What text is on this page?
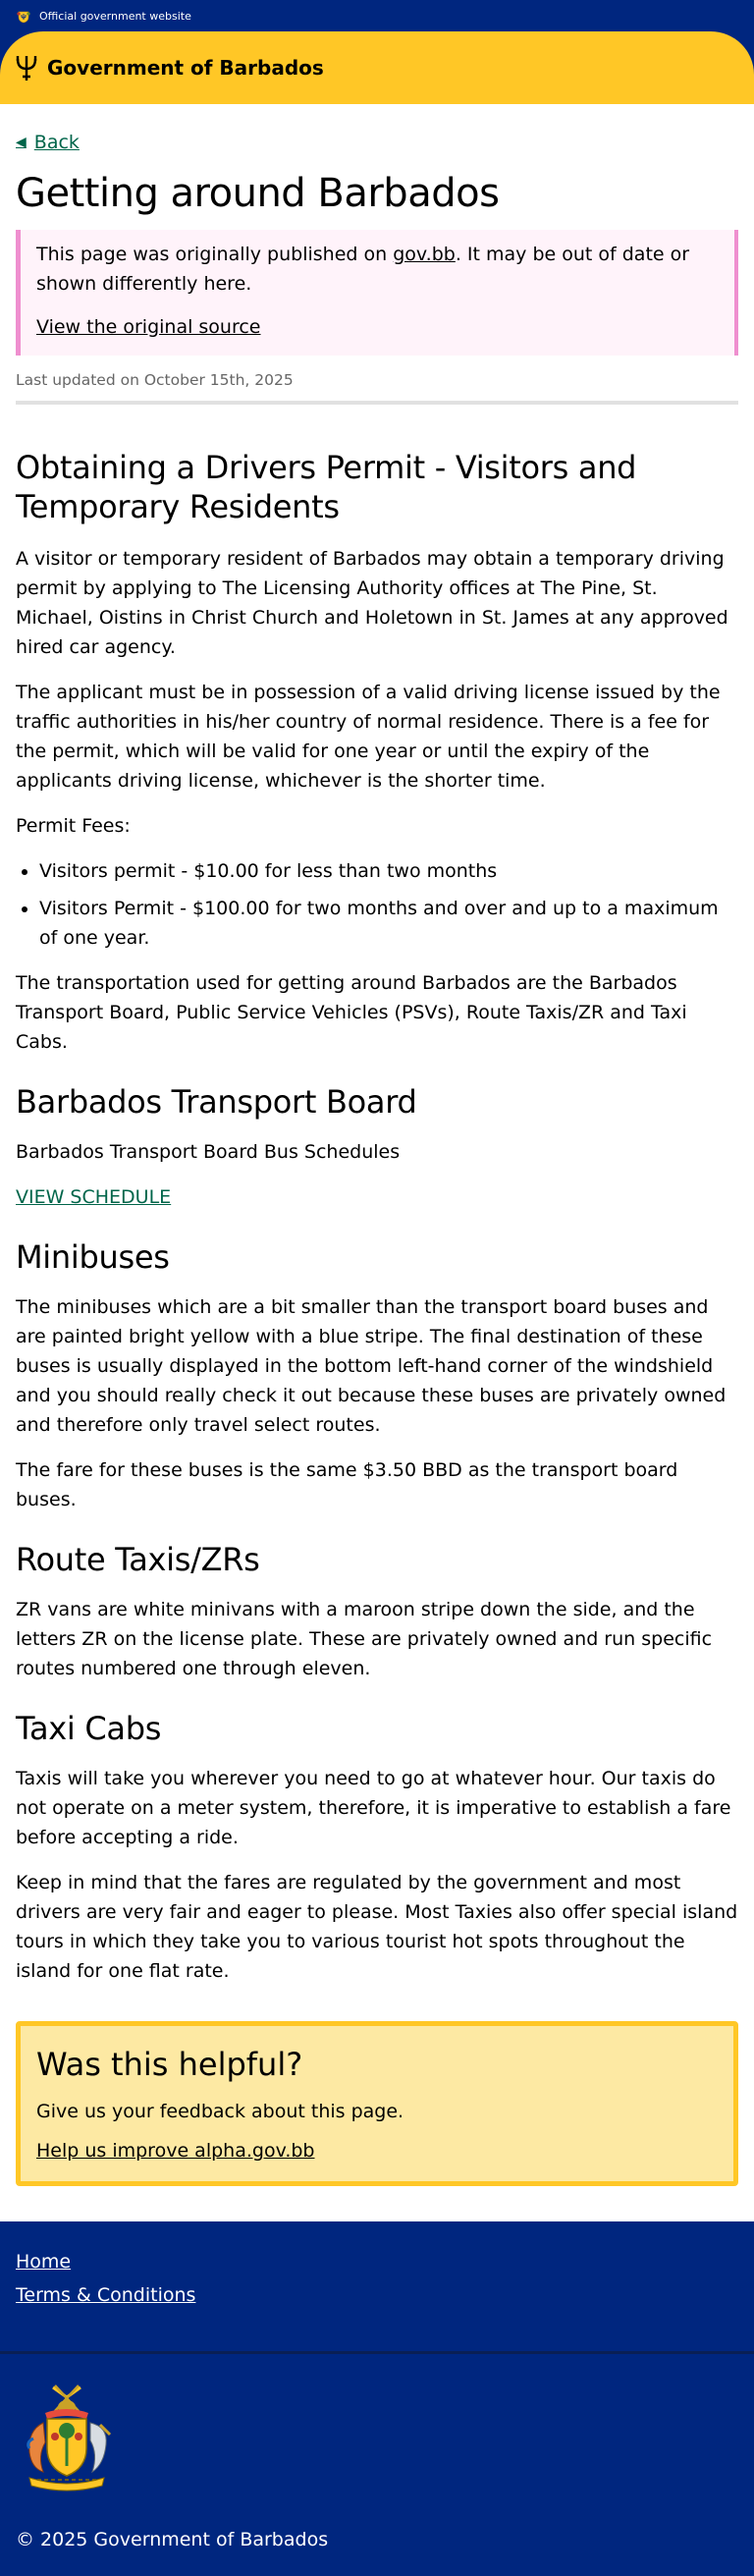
Official government website
Government of Barbados
◀ Back
Getting around Barbados

This page was originally published on gov.bb. It may be out of date or shown differently here.

View the original source

Last updated on October 15th, 2025
Obtaining a Drivers Permit - Visitors and Temporary Residents

A visitor or temporary resident of Barbados may obtain a temporary driving permit by applying to The Licensing Authority offices at The Pine, St. Michael, Oistins in Christ Church and Holetown in St. James at any approved hired car agency.

The applicant must be in possession of a valid driving license issued by the traffic authorities in his/her country of normal residence. There is a fee for the permit, which will be valid for one year or until the expiry of the applicants driving license, whichever is the shorter time.

Permit Fees:

• Visitors permit - $10.00 for less than two months
• Visitors Permit - $100.00 for two months and over and up to a maximum of one year.

The transportation used for getting around Barbados are the Barbados Transport Board, Public Service Vehicles (PSVs), Route Taxis/ZR and Taxi Cabs.

Barbados Transport Board

Barbados Transport Board Bus Schedules

VIEW SCHEDULE

Minibuses

The minibuses which are a bit smaller than the transport board buses and are painted bright yellow with a blue stripe. The final destination of these buses is usually displayed in the bottom left-hand corner of the windshield and you should really check it out because these buses are privately owned and therefore only travel select routes.

The fare for these buses is the same $3.50 BBD as the transport board buses.

Route Taxis/ZRs

ZR vans are white minivans with a maroon stripe down the side, and the letters ZR on the license plate. These are privately owned and run specific routes numbered one through eleven.

Taxi Cabs

Taxis will take you wherever you need to go at whatever hour. Our taxis do not operate on a meter system, therefore, it is imperative to establish a fare before accepting a ride.

Keep in mind that the fares are regulated by the government and most drivers are very fair and eager to please. Most Taxies also offer special island tours in which they take you to various tourist hot spots throughout the island for one flat rate.

Was this helpful?

Give us your feedback about this page.

Help us improve alpha.gov.bb
Home
Terms & Conditions
© 2025 Government of Barbados
